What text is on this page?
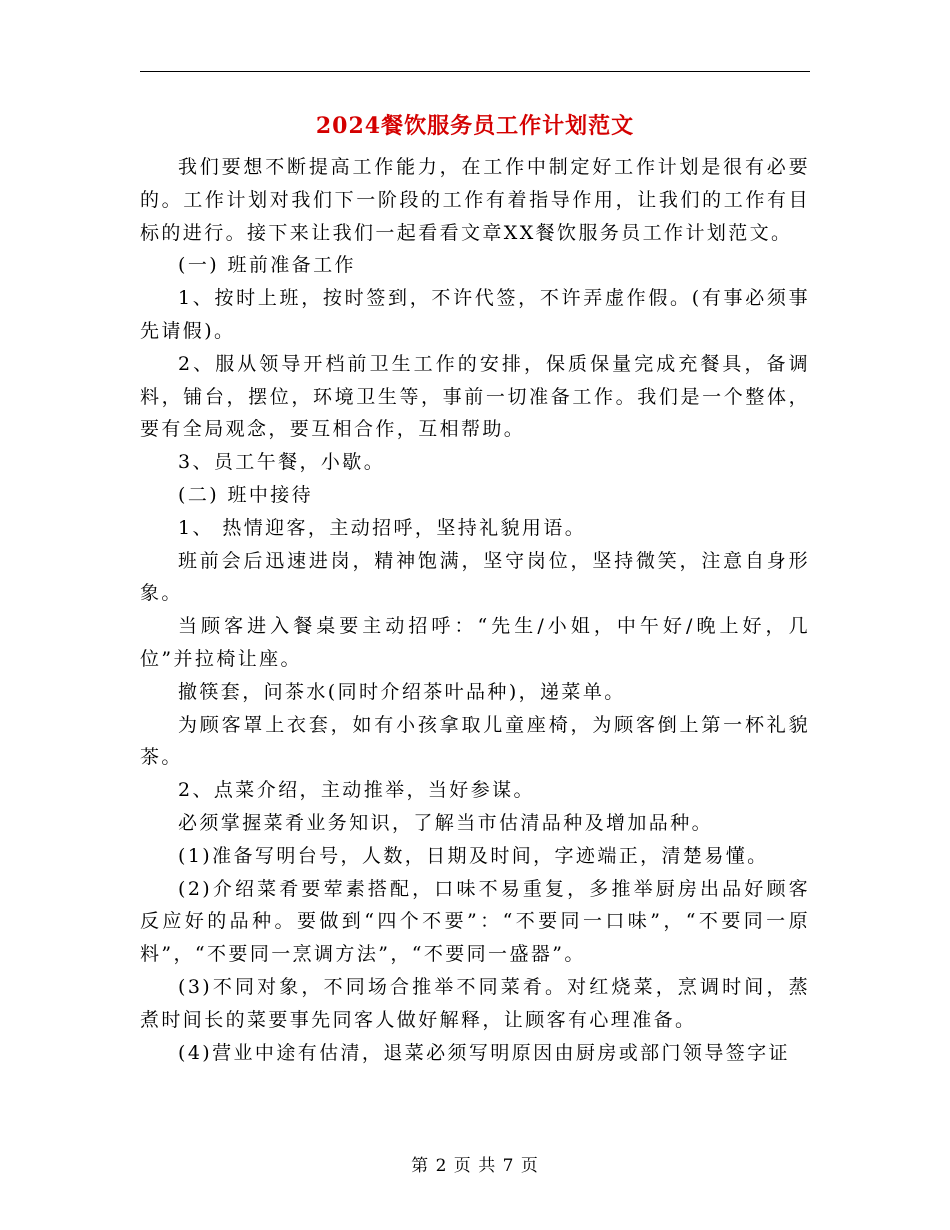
2024餐饮服务员工作计划范文

我们要想不断提高工作能力，在工作中制定好工作计划是很有必要的。工作计划对我们下一阶段的工作有着指导作用，让我们的工作有目标的进行。接下来让我们一起看看文章XX餐饮服务员工作计划范文。

(一) 班前准备工作

1、按时上班，按时签到，不许代签，不许弄虚作假。(有事必须事先请假)。

2、服从领导开档前卫生工作的安排，保质保量完成充餐具，备调料，铺台，摆位，环境卫生等，事前一切准备工作。我们是一个整体，要有全局观念，要互相合作，互相帮助。

3、员工午餐，小歇。

(二) 班中接待

1、 热情迎客，主动招呼，坚持礼貌用语。

班前会后迅速进岗，精神饱满，坚守岗位，坚持微笑，注意自身形象。

当顾客进入餐桌要主动招呼：“先生/小姐，中午好/晚上好，几位”并拉椅让座。

撤筷套，问茶水(同时介绍茶叶品种)，递菜单。

为顾客罩上衣套，如有小孩拿取儿童座椅，为顾客倒上第一杯礼貌茶。

2、点菜介绍，主动推举，当好参谋。

必须掌握菜肴业务知识，了解当市估清品种及增加品种。

(1)准备写明台号，人数，日期及时间，字迹端正，清楚易懂。

(2)介绍菜肴要荤素搭配，口味不易重复，多推举厨房出品好顾客反应好的品种。要做到“四个不要”：“不要同一口味”，“不要同一原料”，“不要同一烹调方法”，“不要同一盛器”。

(3)不同对象，不同场合推举不同菜肴。对红烧菜，烹调时间，蒸煮时间长的菜要事先同客人做好解释，让顾客有心理准备。

(4)营业中途有估清，退菜必须写明原因由厨房或部门领导签字证

第 2 页 共 7 页
